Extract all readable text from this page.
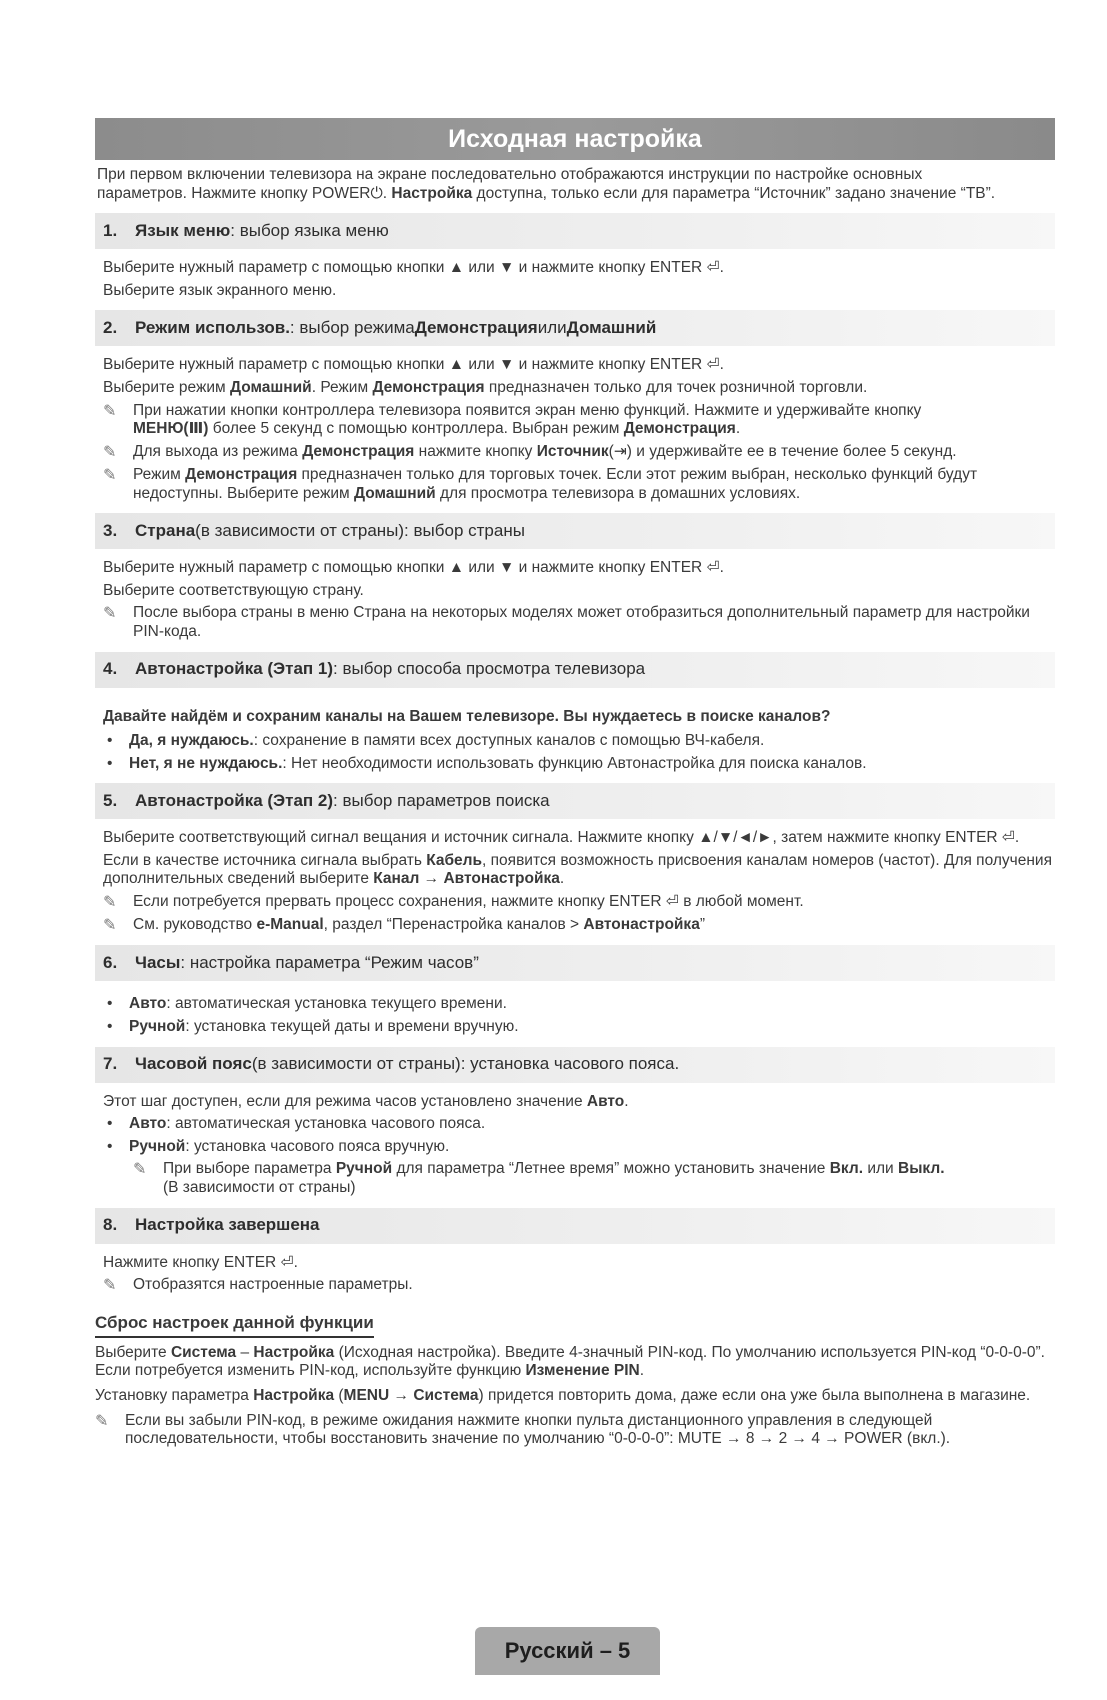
Исходная настройка
При первом включении телевизора на экране последовательно отображаются инструкции по настройке основных
параметров. Нажмите кнопку POWER⏻. Настройка доступна, только если для параметра “Источник” задано значение “ТВ”.
1.	Язык меню : выбор языка меню

Выберите нужный параметр с помощью кнопки ▲ или ▼ и нажмите кнопку ENTER ⏎.

Выберите язык экранного меню.

2.	Режим использов. : выбор режима Демонстрация или Домашний

Выберите нужный параметр с помощью кнопки ▲ или ▼ и нажмите кнопку ENTER ⏎.

Выберите режим Домашний. Режим Демонстрация предназначен только для точек розничной торговли.

✎	При нажатии кнопки контроллера телевизора появится экран меню функций. Нажмите и удерживайте кнопку
МЕНЮ(Ⅲ) более 5 секунд с помощью контроллера. Выбран режим Демонстрация.
✎	Для выхода из режима Демонстрация нажмите кнопку Источник(⇥) и удерживайте ее в течение более 5 секунд.
✎	Режим Демонстрация предназначен только для торговых точек. Если этот режим выбран, несколько функций будут недоступны. Выберите режим Домашний для просмотра телевизора в домашних условиях.
3.	Страна (в зависимости от страны): выбор страны

Выберите нужный параметр с помощью кнопки ▲ или ▼ и нажмите кнопку ENTER ⏎.

Выберите соответствующую страну.

✎	После выбора страны в меню Страна на некоторых моделях может отобразиться дополнительный параметр для настройки PIN-кода.
4.	Автонастройка (Этап 1) : выбор способа просмотра телевизора
Давайте найдём и сохраним каналы на Вашем телевизоре. Вы нуждаетесь в поиске каналов?
• Да, я нуждаюсь.: сохранение в памяти всех доступных каналов с помощью ВЧ-кабеля.
• Нет, я не нуждаюсь.: Нет необходимости использовать функцию Автонастройка для поиска каналов.
5.	Автонастройка (Этап 2) : выбор параметров поиска

Выберите соответствующий сигнал вещания и источник сигнала. Нажмите кнопку ▲/▼/◄/►, затем нажмите кнопку ENTER ⏎.

Если в качестве источника сигнала выбрать Кабель, появится возможность присвоения каналам номеров (частот). Для получения дополнительных сведений выберите Канал → Автонастройка.

✎	Если потребуется прервать процесс сохранения, нажмите кнопку ENTER ⏎ в любой момент.
✎	См. руководство e-Manual, раздел “Перенастройка каналов > Автонастройка”
6.	Часы : настройка параметра “Режим часов”
• Авто: автоматическая установка текущего времени.
• Ручной: установка текущей даты и времени вручную.
7.	Часовой пояс (в зависимости от страны): установка часового пояса.

Этот шаг доступен, если для режима часов установлено значение Авто.

• Авто: автоматическая установка часового пояса.
• Ручной: установка часового пояса вручную.
✎	При выборе параметра Ручной для параметра “Летнее время” можно установить значение Вкл. или Выкл.
(В зависимости от страны)
8.	Настройка завершена

Нажмите кнопку ENTER ⏎.

✎	Отобразятся настроенные параметры.
Сброс настроек данной функции

Выберите Система – Настройка (Исходная настройка). Введите 4-значный PIN-код. По умолчанию используется PIN-код “0-0-0-0”. Если потребуется изменить PIN-код, используйте функцию Изменение PIN.

Установку параметра Настройка (MENU → Система) придется повторить дома, даже если она уже была выполнена в магазине.

✎	Если вы забыли PIN-код, в режиме ожидания нажмите кнопки пульта дистанционного управления в следующей последовательности, чтобы восстановить значение по умолчанию “0-0-0-0”: MUTE → 8 → 2 → 4 → POWER (вкл.).
Русский – 5
